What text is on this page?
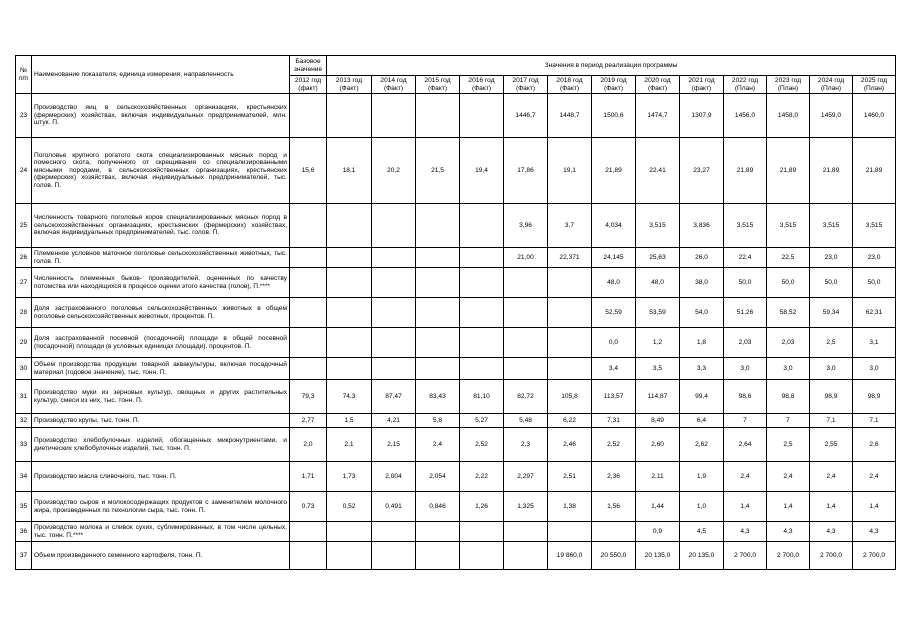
№ п/п	Наименование показателя, единица измерения, направленность	Базовое значение	Значения в период реализации программы												
		2012 год (факт)	2013 год (Факт)	2014 год (Факт)	2015 год (Факт)	2016 год (Факт)	2017 год (Факт)	2018 год (Факт)	2019 год (Факт)	2020 год (Факт)	2021 год (факт)	2022 год (План)	2023 год (План)	2024 год (План)	2025 год (План)
23	Производство яиц в сельскохозяйственных организациях, крестьянских (фермерских) хозяйствах, включая индивидуальных предпринимателей, млн. штук. П.						1446,7	1448,7	1500,6	1474,7	1307,9	1456,0	1458,0	1459,0	1460,0
24	Поголовье крупного рогатого скота специализированных мясных пород и помесного скота, полученного от скрещивания со специализированными мясными породами, в сельскохозяйственных организациях, крестьянских (фермерских) хозяйствах, включая индивидуальных предпринимателей, тыс. голов. П.	15,6	18,1	20,2	21,5	19,4	17,86	19,1	21,89	22,41	23,27	21,89	21,89	21,89	21,89
25	Численность товарного поголовья коров специализированных мясных пород в сельскохозяйственных организациях, крестьянских (фермерских) хозяйствах, включая индивидуальных предпринимателей, тыс. голов. П.						3,96	3,7	4,034	3,515	3,836	3,515	3,515	3,515	3,515
26	Племенное условное маточное поголовье сельскохозяйственных животных, тыс. голов. П.						21,00	22,371	24,145	25,63	26,0	22,4	22,5	23,0	23,0
27	Численность племенных быков- производителей, оцененных по качеству потомства или находящихся в процессе оценки этого качества (голов), П.****								48,0	48,0	38,0	50,0	50,0	50,0	50,0
28	Доля застрахованного поголовья сельскохозяйственных животных в общем поголовье сельскохозяйственных животных, процентов. П.								52,59	53,59	54,0	51,26	58,52	59,34	62,31
29	Доля застрахованной посевной (посадочной) площади в общей посевной (посадочной) площади (в условных единицах площади), процентов. П.								0,0	1,2	1,8	2,03	2,03	2,5	3,1
30	Объем производства продукции товарной аквакультуры, включая посадочный материал (годовое значение), тыс. тонн. П.								3,4	3,5	3,3	3,0	3,0	3,0	3,0
31	Производство муки из зерновых культур, овощных и других растительных культур, смеси из них, тыс. тонн. П.	79,3	74,3	87,47	83,43	81,10	82,72	105,8	113,57	114,87	99,4	98,6	98,8	98,9	98,9
32	Производство крупы, тыс. тонн. П.	2,77	1,5	4,21	5,8	5,27	5,48	6,22	7,31	8,49	6,4	7	7	7,1	7,1
33	Производство хлебобулочных изделий, обогащенных микронутриентами, и диетических хлебобулочных изделий, тыс. тонн. П.	2,0	2,1	2,15	2,4	2,52	2,3	2,46	2,52	2,60	2,62	2,64	2,5	2,55	2,6
34	Производство масла сливочного, тыс. тонн. П.	1,71	1,73	2,004	2,054	2,22	2,297	2,51	2,36	2,11	1,9	2,4	2,4	2,4	2,4
35	Производство сыров и молокосодержащих продуктов с заменителем молочного жира, произведенных по технологии сыра, тыс. тонн. П.	0,73	0,52	0,491	0,846	1,26	1,325	1,38	1,56	1,44	1,0	1,4	1,4	1,4	1,4
36	Производство молока и сливок сухих, сублимированных, в том числе цельных, тыс. тонн. П.****									0,9	4,5	4,3	4,3	4,3	4,3
37	Объем произведенного семенного картофеля, тонн. П.							19 860,0	20 550,0	20 135,0	20 135,0	2 700,0	2 700,0	2 700,0	2 700,0
